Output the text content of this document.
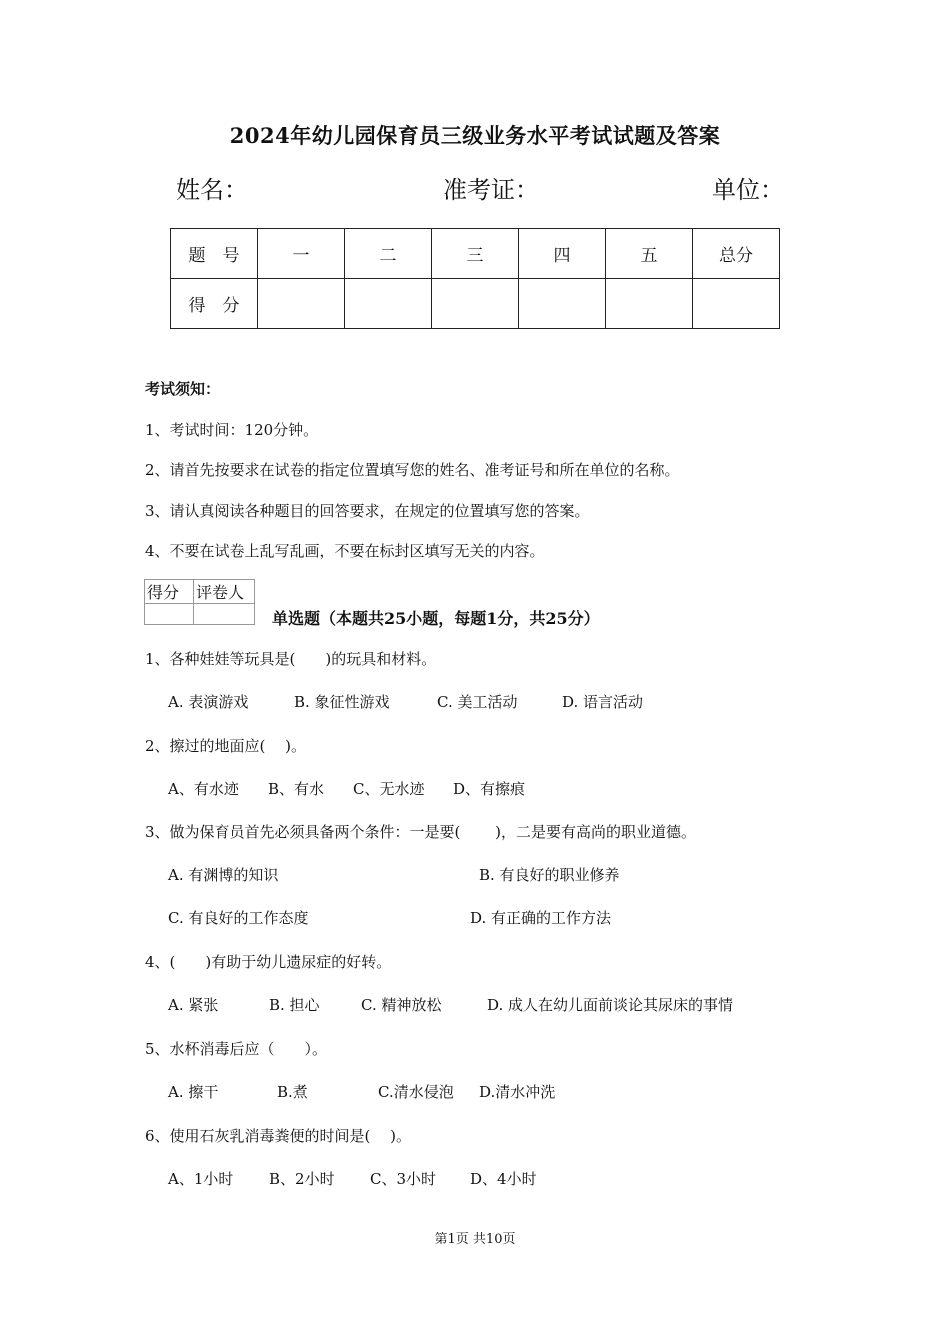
2024年幼儿园保育员三级业务水平考试试题及答案
姓名：	准考证：	单位：
题　号	一	二	三	四	五	总分
得　分						
考试须知：
1、考试时间：120分钟。
2、请首先按要求在试卷的指定位置填写您的姓名、准考证号和所在单位的名称。
3、请认真阅读各种题目的回答要求，在规定的位置填写您的答案。
4、不要在试卷上乱写乱画，不要在标封区填写无关的内容。
得分	评卷人

单选题（本题共25小题，每题1分，共25分）
1、各种娃娃等玩具是(　　)的玩具和材料。
A. 表演游戏	B. 象征性游戏	C. 美工活动	D. 语言活动
2、擦过的地面应(　 )。
A、有水迹 B、有水 C、无水迹 D、有擦痕
3、做为保育员首先必须具备两个条件：一是要(　　 )，二是要有高尚的职业道德。
A. 有渊博的知识	B. 有良好的职业修养
C. 有良好的工作态度	D. 有正确的工作方法
4、(　　)有助于幼儿遗尿症的好转。
A. 紧张	B. 担心	C. 精神放松	D. 成人在幼儿面前谈论其尿床的事情
5、水杯消毒后应（　　）。
A. 擦干	B.煮	C.清水侵泡 D.清水冲洗
6、使用石灰乳消毒粪便的时间是(　 )。
A、1小时 B、2小时 C、3小时 D、4小时
第1页 共10页
